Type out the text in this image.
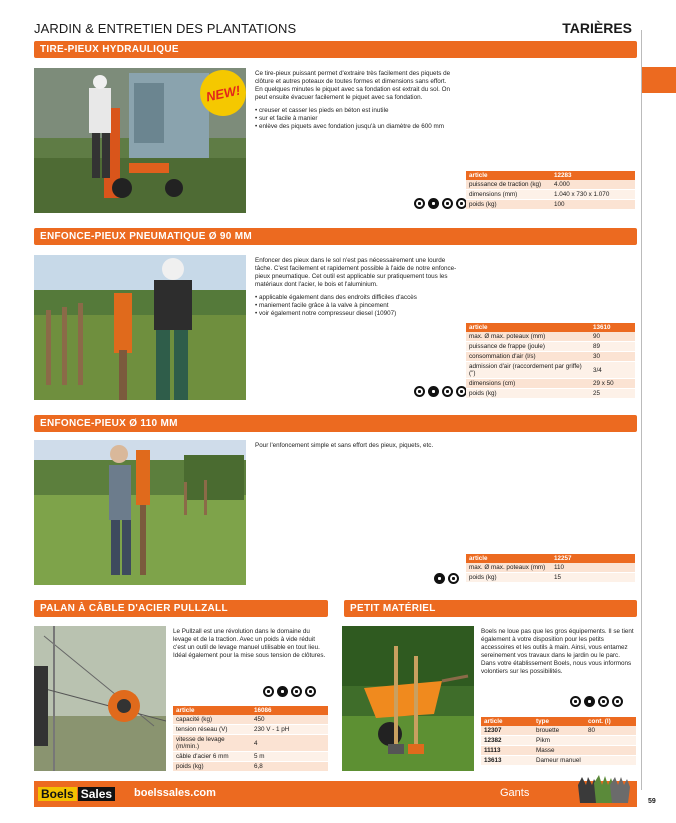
JARDIN & ENTRETIEN DES PLANTATIONS	TARIÈRES
TIRE-PIEUX HYDRAULIQUE
NEW!
Ce tire-pieux puissant permet d'extraire très facilement des piquets de clôture et autres poteaux de toutes formes et dimensions sans effort. En quelques minutes le piquet avec sa fondation est extrait du sol. On peut ensuite évacuer facilement le piquet avec sa fondation.
• creuser et casser les pieds en béton est inutile
• sur et facile à manier
• enlève des piquets avec fondation jusqu'à un diamètre de 600 mm
article	12283
puissance de traction (kg)	4.000
dimensions (mm)	1.040 x 730 x 1.070
poids (kg)	100
ENFONCE-PIEUX PNEUMATIQUE Ø 90 MM
Enfoncer des pieux dans le sol n'est pas nécessairement une lourde tâche. C'est facilement et rapidement possible à l'aide de notre enfonce-pieux pneumatique. Cet outil est applicable sur pratiquement tous les matériaux dont l'acier, le bois et l'aluminium.
• applicable également dans des endroits difficiles d'accès
• maniement facile grâce à la valve à pincement
• voir également notre compresseur diesel (10907)
article	13610
max. Ø max. poteaux (mm)	90
puissance de frappe (joule)	89
consommation d'air (l/s)	30
admission d'air (raccordement par griffe) (")	3/4
dimensions (cm)	29 x 50
poids (kg)	25
ENFONCE-PIEUX Ø 110 MM
Pour l'enfoncement simple et sans effort des pieux, piquets, etc.
article	12257
max. Ø max. poteaux (mm)	110
poids (kg)	15
PALAN À CÂBLE D'ACIER PULLZALL
Le Pullzall est une révolution dans le domaine du levage et de la traction. Avec un poids à vide réduit c'est un outil de levage manuel utilisable en tout lieu. Idéal également pour la mise sous tension de clôtures.
article	16086
capacité (kg)	450
tension réseau (V)	230 V - 1 pH
vitesse de levage (m/min.)	4
câble d'acier 6 mm	5 m
poids (kg)	6,8
PETIT MATÉRIEL
Boels ne loue pas que les gros équipements. Il se tient également à votre disposition pour les petits accessoires et les outils à main. Ainsi, vous entamez sereinement vos travaux dans le jardin ou le parc. Dans votre établissement Boels, nous vous informons volontiers sur les possibilités.
article	type	cont. (l)
12307	brouette	80
12382	Pikm	
11113	Masse	
13613	Dameur manuel	
Boels Sales boelssales.com	Gants
59
